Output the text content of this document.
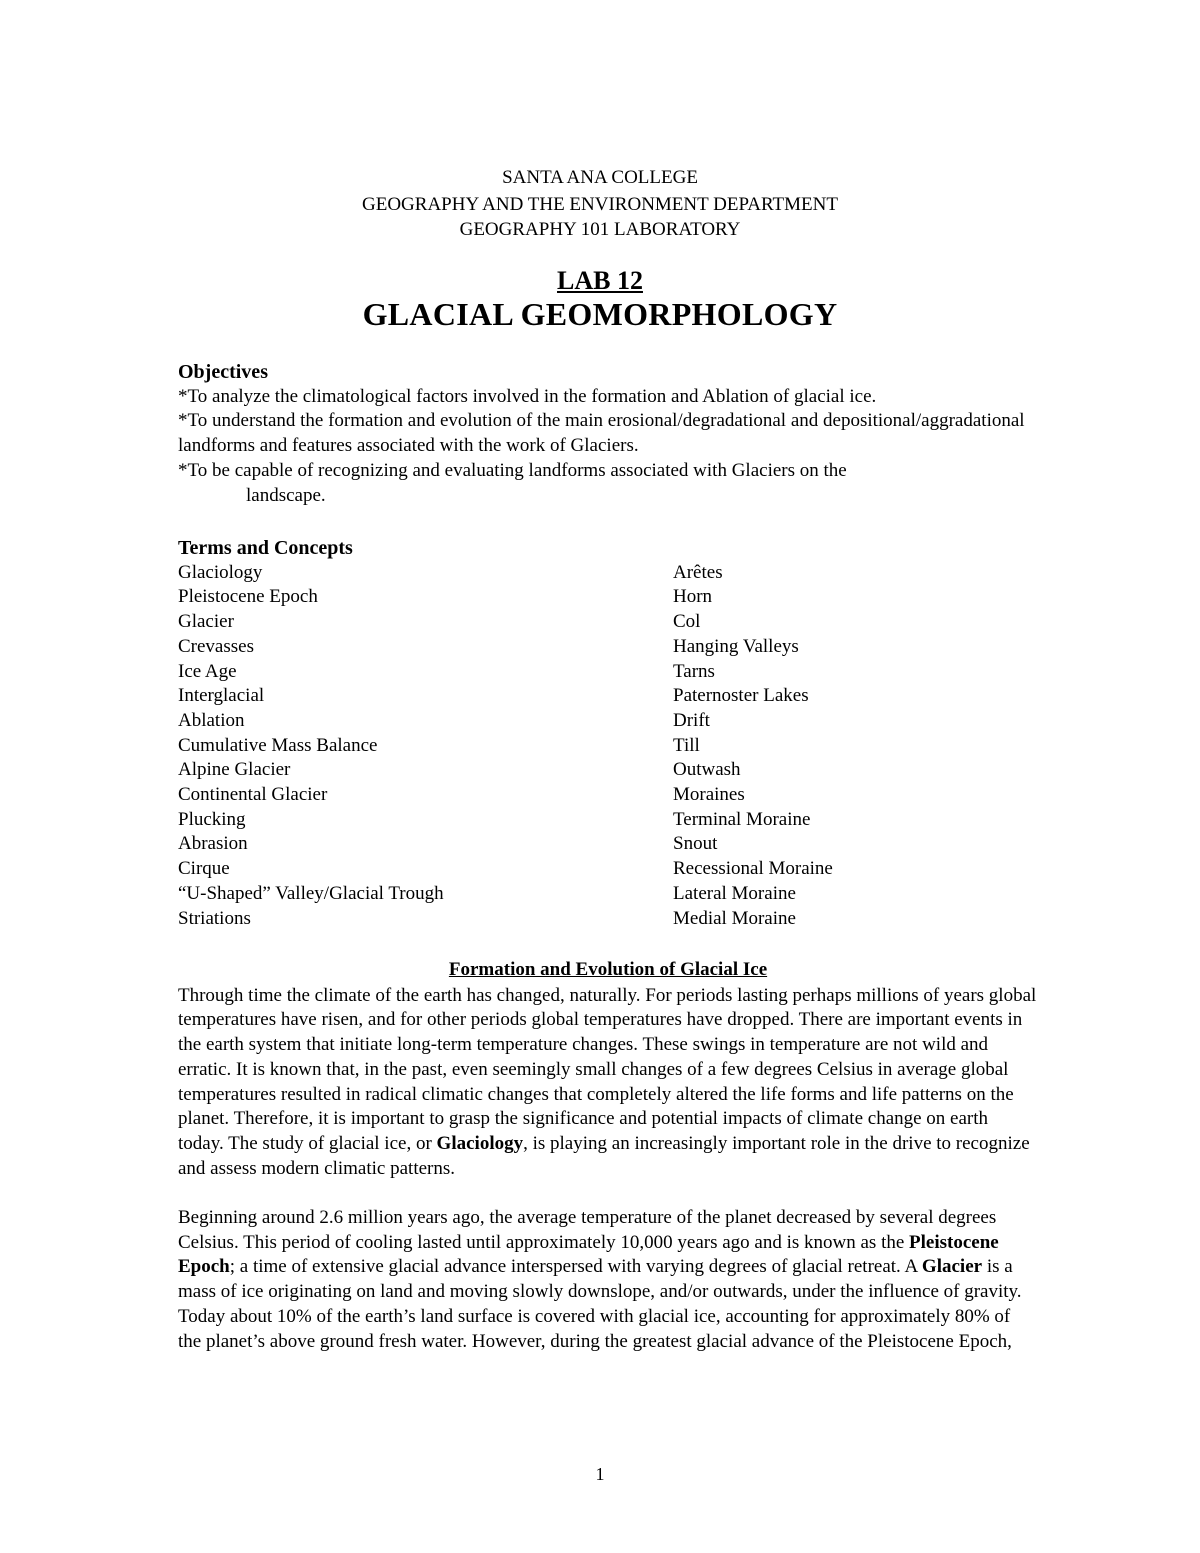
SANTA ANA COLLEGE
GEOGRAPHY AND THE ENVIRONMENT DEPARTMENT
GEOGRAPHY 101 LABORATORY
LAB 12
GLACIAL GEOMORPHOLOGY
Objectives
*To analyze the climatological factors involved in the formation and Ablation of glacial ice.
*To understand the formation and evolution of the main erosional/degradational and depositional/aggradational landforms and features associated with the work of Glaciers.
*To be capable of recognizing and evaluating landforms associated with Glaciers on the
landscape.
Terms and Concepts
Glaciology
Pleistocene Epoch
Glacier
Crevasses
Ice Age
Interglacial
Ablation
Cumulative Mass Balance
Alpine Glacier
Continental Glacier
Plucking
Abrasion
Cirque
“U-Shaped” Valley/Glacial Trough
Striations
Arêtes
Horn
Col
Hanging Valleys
Tarns
Paternoster Lakes
Drift
Till
Outwash
Moraines
Terminal Moraine
Snout
Recessional Moraine
Lateral Moraine
Medial Moraine
Formation and Evolution of Glacial Ice

Through time the climate of the earth has changed, naturally. For periods lasting perhaps millions of years global temperatures have risen, and for other periods global temperatures have dropped. There are important events in the earth system that initiate long-term temperature changes. These swings in temperature are not wild and erratic. It is known that, in the past, even seemingly small changes of a few degrees Celsius in average global temperatures resulted in radical climatic changes that completely altered the life forms and life patterns on the planet. Therefore, it is important to grasp the significance and potential impacts of climate change on earth today. The study of glacial ice, or Glaciology, is playing an increasingly important role in the drive to recognize and assess modern climatic patterns.

Beginning around 2.6 million years ago, the average temperature of the planet decreased by several degrees Celsius. This period of cooling lasted until approximately 10,000 years ago and is known as the Pleistocene Epoch; a time of extensive glacial advance interspersed with varying degrees of glacial retreat. A Glacier is a mass of ice originating on land and moving slowly downslope, and/or outwards, under the influence of gravity. Today about 10% of the earth’s land surface is covered with glacial ice, accounting for approximately 80% of the planet’s above ground fresh water. However, during the greatest glacial advance of the Pleistocene Epoch,

1
